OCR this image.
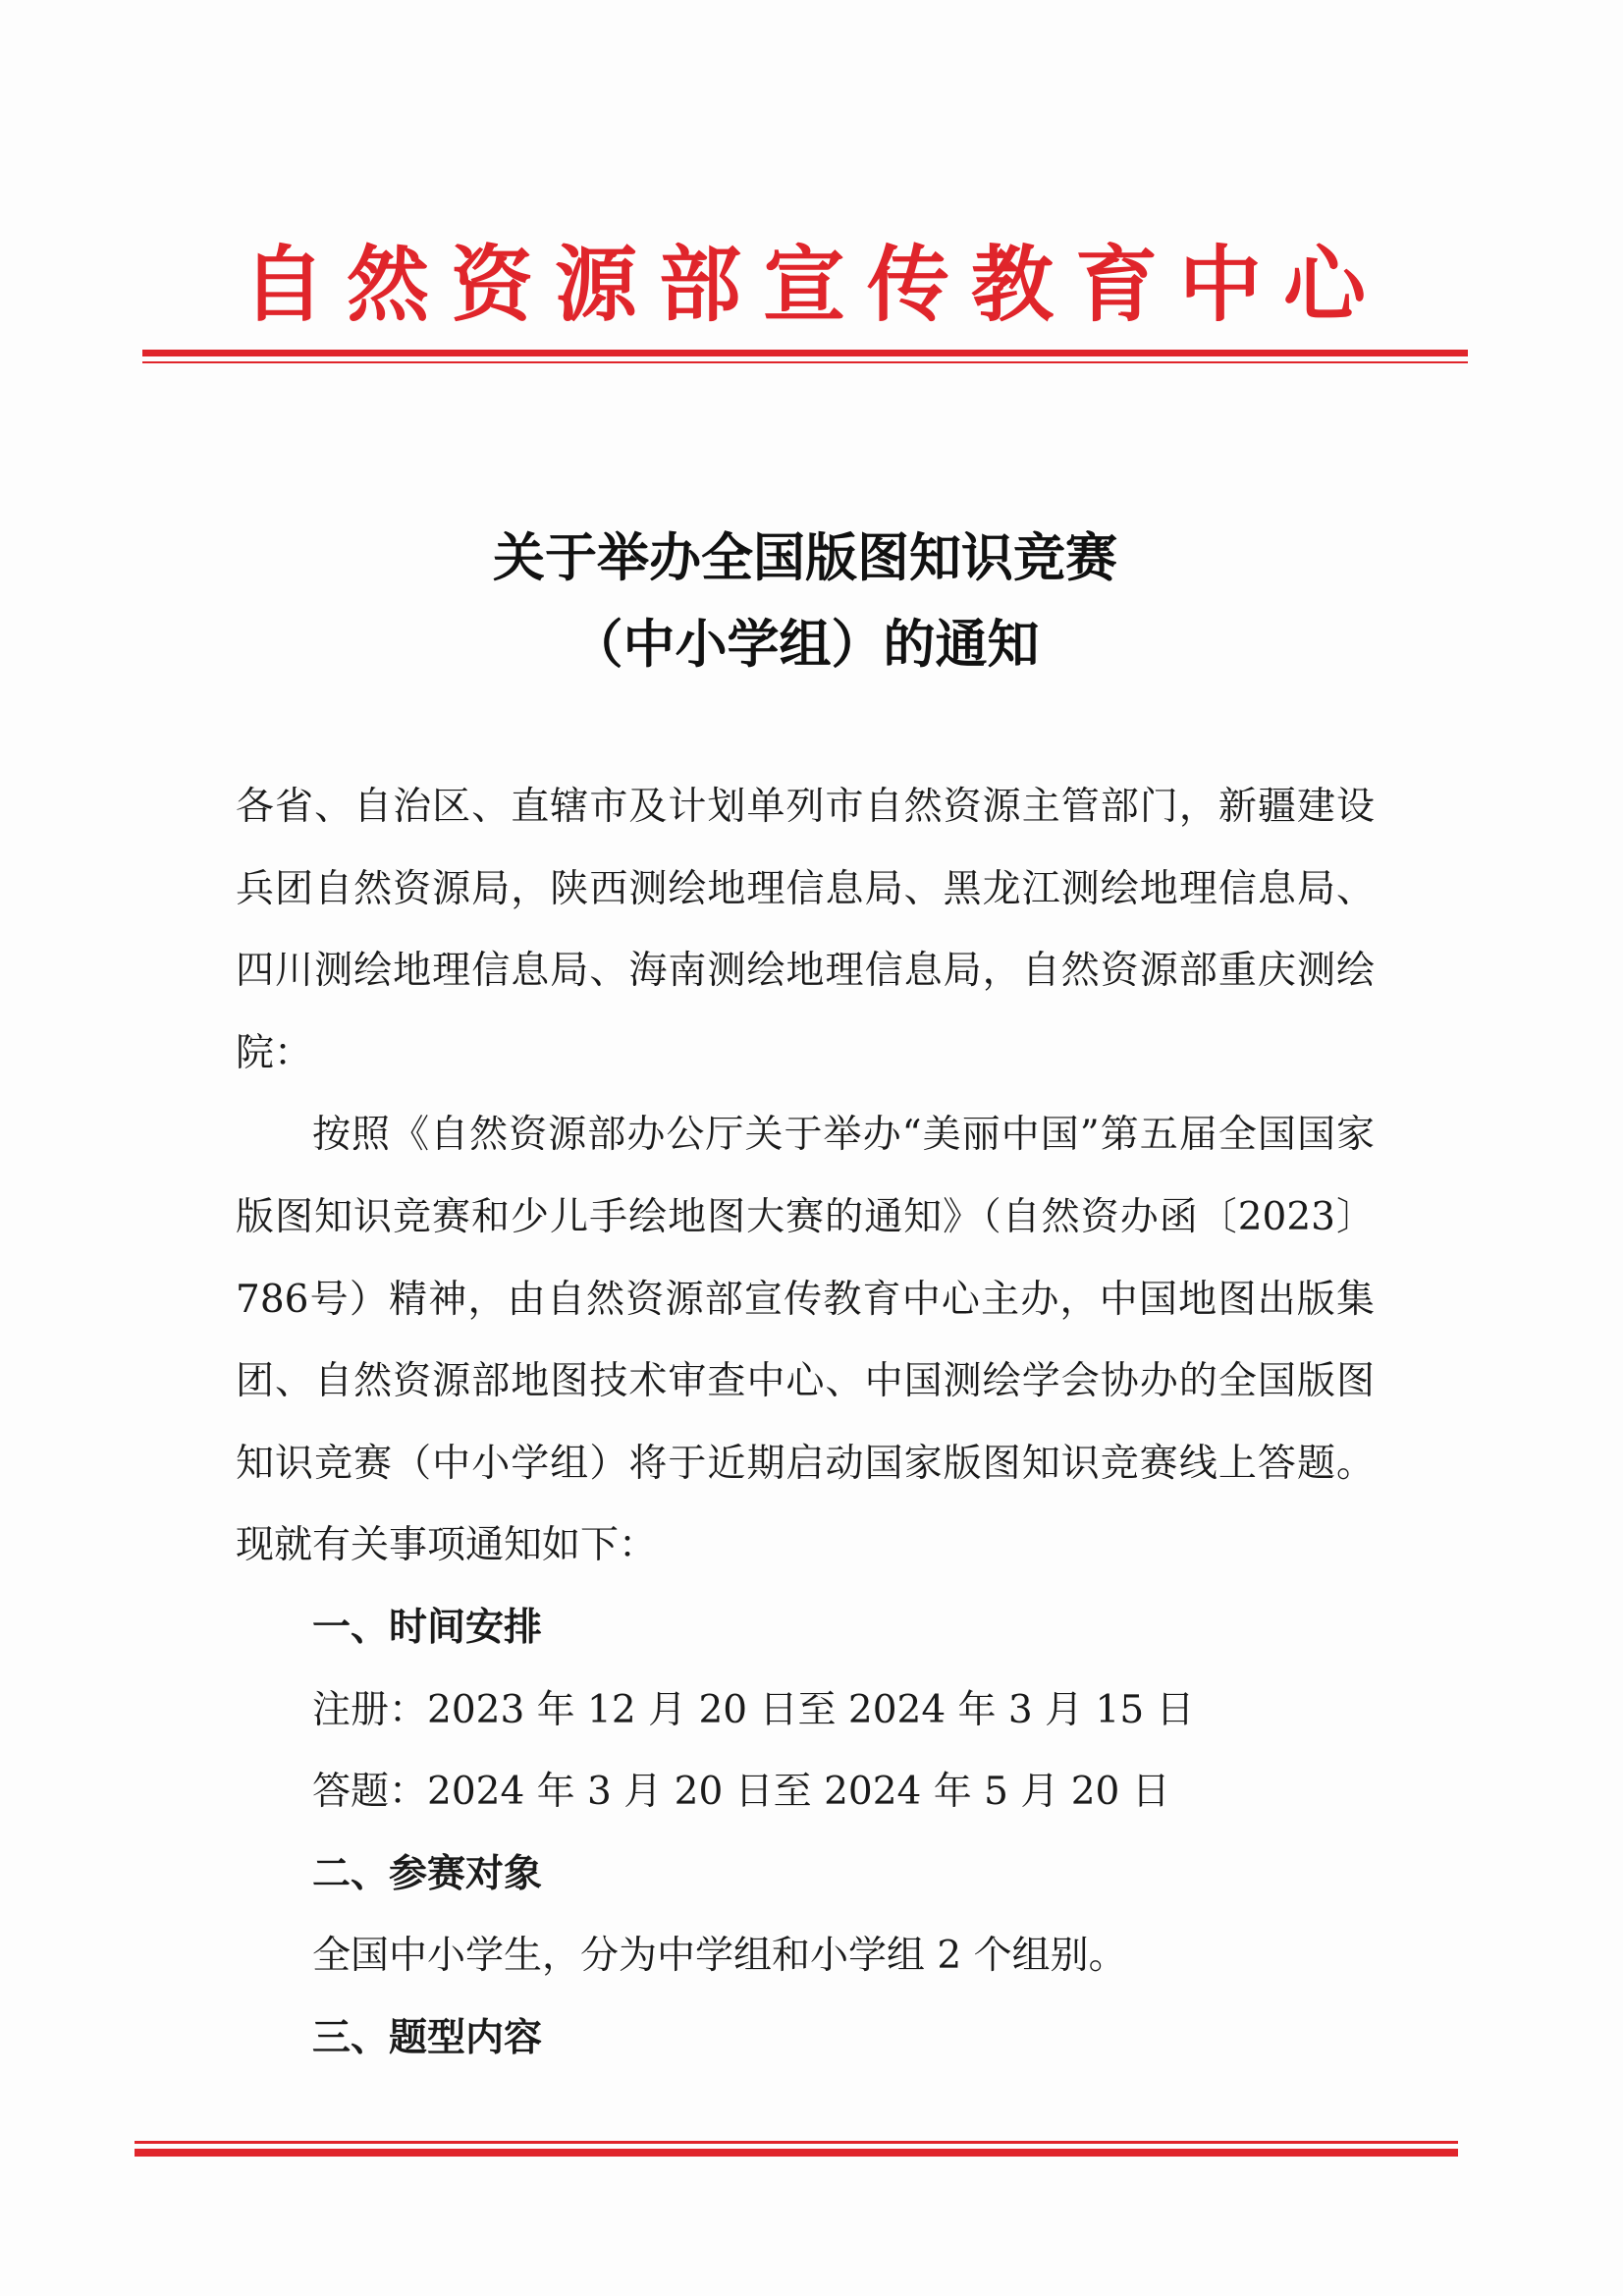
自然资源部宣传教育中心
关于举办全国版图知识竞赛
（中小学组）的通知

各省、自治区、直辖市及计划单列市自然资源主管部门，新疆建设兵团自然资源局，陕西测绘地理信息局、黑龙江测绘地理信息局、四川测绘地理信息局、海南测绘地理信息局，自然资源部重庆测绘院：

按照《自然资源部办公厅关于举办“美丽中国”第五届全国国家版图知识竞赛和少儿手绘地图大赛的通知》（自然资办函〔2023〕786号）精神，由自然资源部宣传教育中心主办，中国地图出版集团、自然资源部地图技术审查中心、中国测绘学会协办的全国版图知识竞赛（中小学组）将于近期启动国家版图知识竞赛线上答题。现就有关事项通知如下：

一、时间安排

注册：2023 年 12 月 20 日至 2024 年 3 月 15 日

答题：2024 年 3 月 20 日至 2024 年 5 月 20 日

二、参赛对象

全国中小学生，分为中学组和小学组 2 个组别。

三、题型内容
